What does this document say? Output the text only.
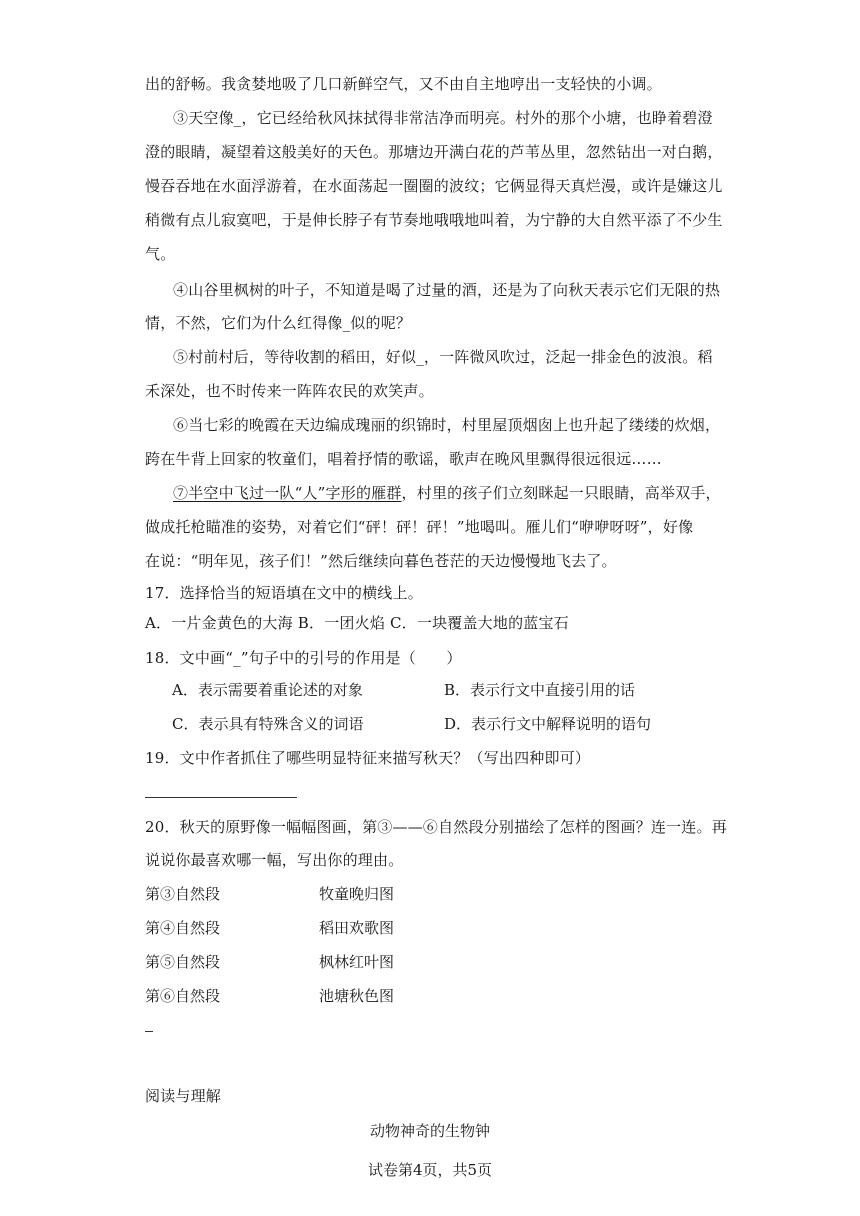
出的舒畅。我贪婪地吸了几口新鲜空气，又不由自主地哼出一支轻快的小调。
③天空像_，它已经给秋风抹拭得非常洁净而明亮。村外的那个小塘，也睁着碧澄
澄的眼睛，凝望着这般美好的天色。那塘边开满白花的芦苇丛里，忽然钻出一对白鹅，
慢吞吞地在水面浮游着，在水面荡起一圈圈的波纹；它俩显得天真烂漫，或许是嫌这儿
稍微有点儿寂寞吧，于是伸长脖子有节奏地哦哦地叫着，为宁静的大自然平添了不少生
气。
④山谷里枫树的叶子，不知道是喝了过量的酒，还是为了向秋天表示它们无限的热
情，不然，它们为什么红得像_似的呢？
⑤村前村后，等待收割的稻田，好似_，一阵微风吹过，泛起一排金色的波浪。稻
禾深处，也不时传来一阵阵农民的欢笑声。
⑥当七彩的晚霞在天边编成瑰丽的织锦时，村里屋顶烟囱上也升起了缕缕的炊烟，
跨在牛背上回家的牧童们，唱着抒情的歌谣，歌声在晚风里飘得很远很远……
⑦半空中飞过一队“人”字形的雁群，村里的孩子们立刻眯起一只眼睛，高举双手，
做成托枪瞄准的姿势，对着它们“砰！砰！砰！”地喝叫。雁儿们“咿咿呀呀”，好像
在说：“明年见，孩子们！”然后继续向暮色苍茫的天边慢慢地飞去了。
17．选择恰当的短语填在文中的横线上。
A．一片金黄色的大海 B．一团火焰 C．一块覆盖大地的蓝宝石
18．文中画“_”句子中的引号的作用是（　　）
A．表示需要着重论述的对象	B．表示行文中直接引用的话
C．表示具有特殊含义的词语	D．表示行文中解释说明的语句
19．文中作者抓住了哪些明显特征来描写秋天？（写出四种即可）
20．秋天的原野像一幅幅图画，第③——⑥自然段分别描绘了怎样的图画？连一连。再
说说你最喜欢哪一幅，写出你的理由。
第③自然段	牧童晚归图
第④自然段	稻田欢歌图
第⑤自然段	枫林红叶图
第⑥自然段	池塘秋色图
阅读与理解
动物神奇的生物钟
试卷第4页，共5页
